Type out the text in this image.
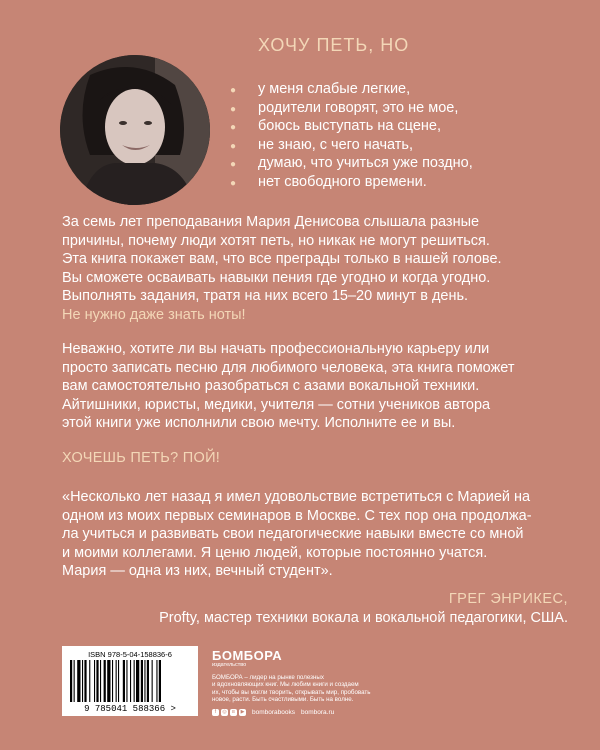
ХОЧУ ПЕТЬ, НО
● у меня слабые легкие,
● родители говорят, это не мое,
● боюсь выступать на сцене,
● не знаю, с чего начать,
● думаю, что учиться уже поздно,
● нет свободного времени.
За семь лет преподавания Мария Денисова слышала разные
причины, почему люди хотят петь, но никак не могут решиться.
Эта книга покажет вам, что все преграды только в нашей голове.
Вы сможете осваивать навыки пения где угодно и когда угодно.
Выполнять задания, тратя на них всего 15–20 минут в день.
Не нужно даже знать ноты!
Неважно, хотите ли вы начать профессиональную карьеру или
просто записать песню для любимого человека, эта книга поможет
вам самостоятельно разобраться с азами вокальной техники.
Айтишники, юристы, медики, учителя — сотни учеников автора
этой книги уже исполнили свою мечту. Исполните ее и вы.
ХОЧЕШЬ ПЕТЬ? ПОЙ!
«Несколько лет назад я имел удовольствие встретиться с Марией на
одном из моих первых семинаров в Москве. С тех пор она продолжа-
ла учиться и развивать свои педагогические навыки вместе со мной
и моими коллегами. Я ценю людей, которые постоянно учатся.
Мария — одна из них, вечный студент».
ГРЕГ ЭНРИКЕС,
Profty, мастер техники вокала и вокальной педагогики, США.
ISBN 978-5-04-158836-6
9 785041 588366 >
БОМБОРА
издательство
БОМБОРА – лидер на рынке полезных
и вдохновляющих книг. Мы любим книги и создаем
их, чтобы вы могли творить, открывать мир, пробовать
новое, расти. Быть счастливыми. Быть на волне.
f	◎	в	▶ bomborabooks bombora.ru
